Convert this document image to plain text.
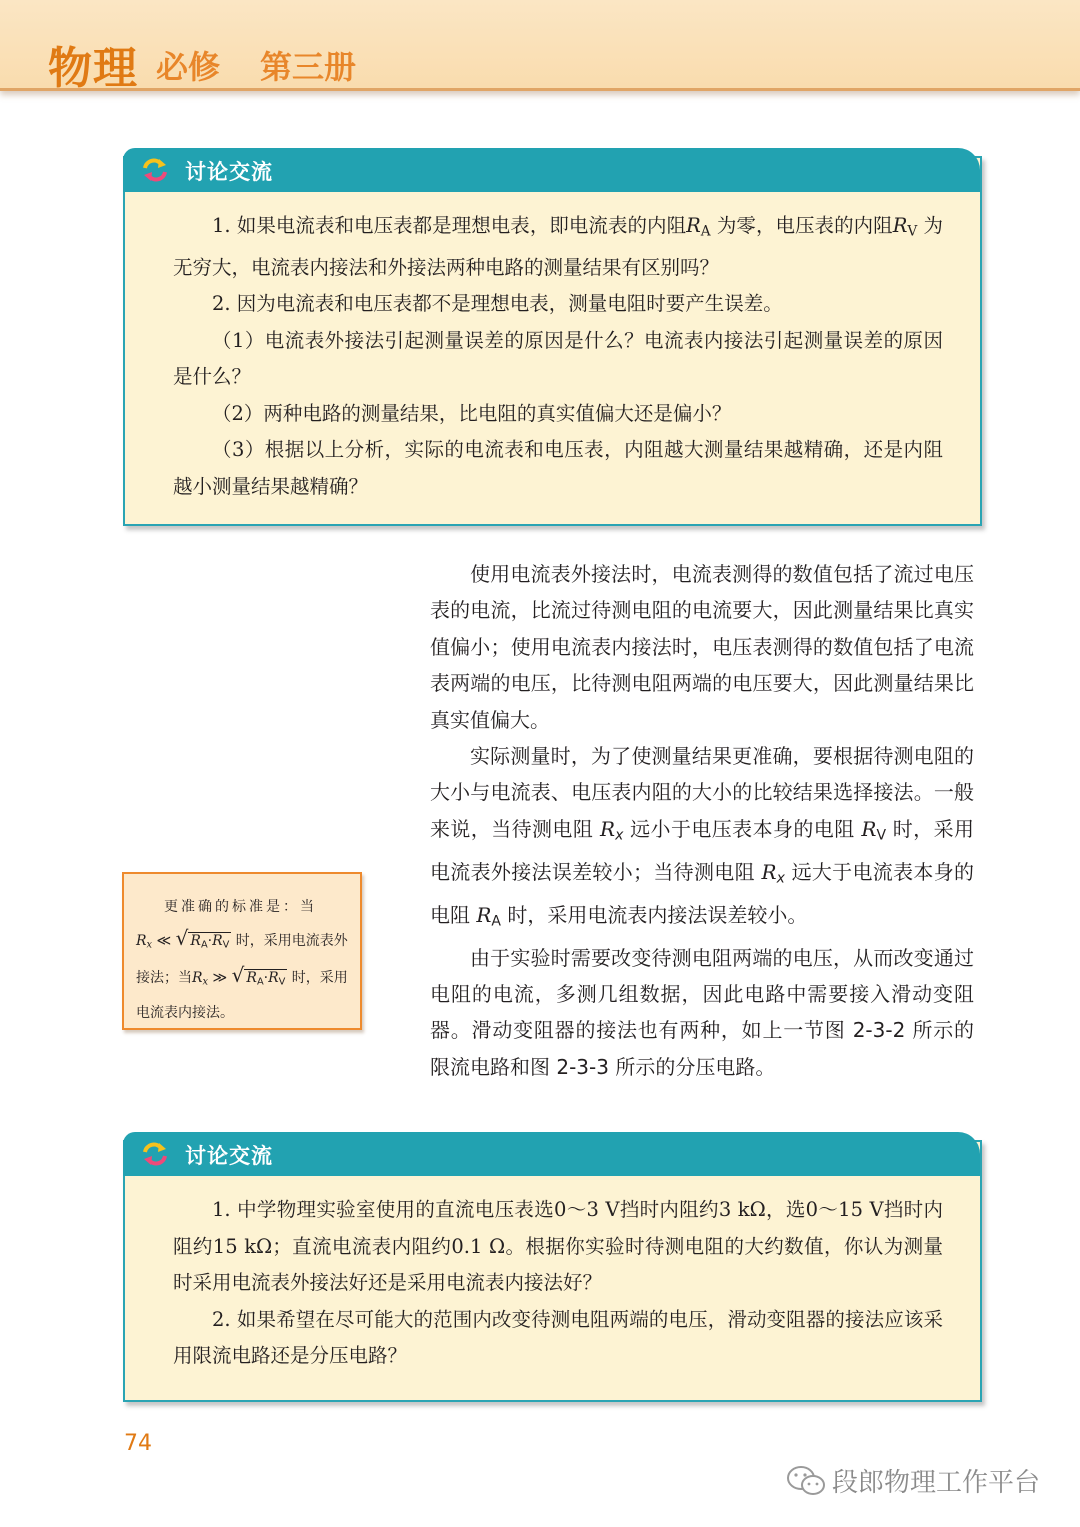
物理 必修 第三册
讨论交流

1. 如果电流表和电压表都是理想电表，即电流表的内阻$R_A$ 为零，电压表的内阻$R_V$ 为无穷大，电流表内接法和外接法两种电路的测量结果有区别吗？

2. 因为电流表和电压表都不是理想电表，测量电阻时要产生误差。

（1）电流表外接法引起测量误差的原因是什么？电流表内接法引起测量误差的原因是什么？

（2）两种电路的测量结果，比电阻的真实值偏大还是偏小？

（3）根据以上分析，实际的电流表和电压表，内阻越大测量结果越精确，还是内阻越小测量结果越精确？

使用电流表外接法时，电流表测得的数值包括了流过电压表的电流，比流过待测电阻的电流要大，因此测量结果比真实值偏小；使用电流表内接法时，电压表测得的数值包括了电流表两端的电压，比待测电阻两端的电压要大，因此测量结果比真实值偏大。

实际测量时，为了使测量结果更准确，要根据待测电阻的大小与电流表、电压表内阻的大小的比较结果选择接法。一般来说，当待测电阻 $R_x$ 远小于电压表本身的电阻 $R_V$ 时，采用电流表外接法误差较小；当待测电阻 $R_x$ 远大于电流表本身的电阻 $R_A$ 时，采用电流表内接法误差较小。

由于实验时需要改变待测电阻两端的电压，从而改变通过电阻的电流，多测几组数据，因此电路中需要接入滑动变阻器。滑动变阻器的接法也有两种，如上一节图 2-3-2 所示的限流电路和图 2-3-3 所示的分压电路。

更准确的标准是：当
$R_x$ ≪ √ $R_A\cdot R_V$ 时，采用电流表外接法；当$R_x$ ≫ √ $R_A\cdot R_V$ 时，采用电流表内接法。
讨论交流

1. 中学物理实验室使用的直流电压表选0～3 V挡时内阻约3 kΩ，选0～15 V挡时内阻约15 kΩ；直流电流表内阻约0.1 Ω。根据你实验时待测电阻的大约数值，你认为测量时采用电流表外接法好还是采用电流表内接法好？

2. 如果希望在尽可能大的范围内改变待测电阻两端的电压，滑动变阻器的接法应该采用限流电路还是分压电路？

74
段郎物理工作平台
